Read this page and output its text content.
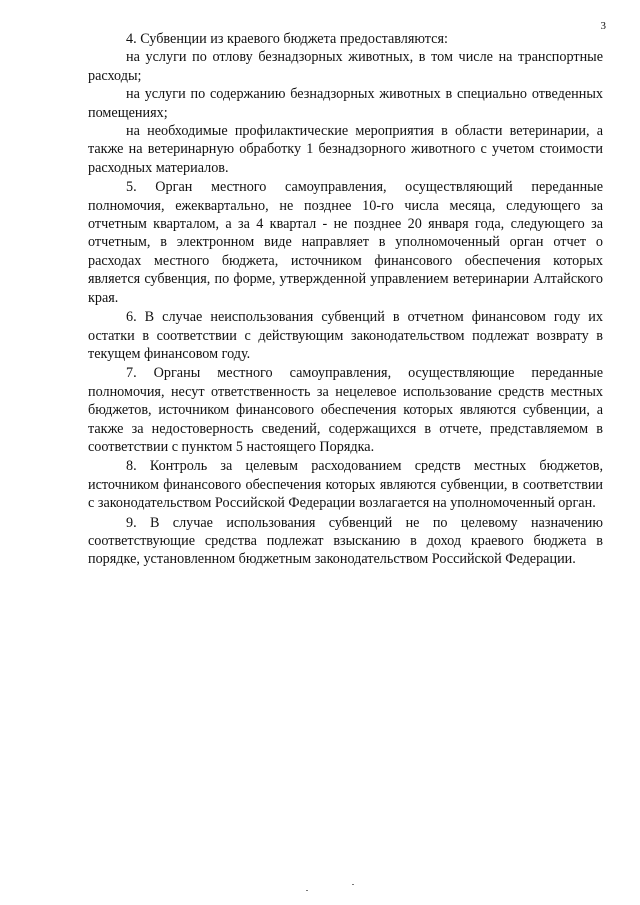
3

4. Субвенции из краевого бюджета предоставляются:

на услуги по отлову безнадзорных животных, в том числе на транспортные расходы;

на услуги по содержанию безнадзорных животных в специально отведенных помещениях;

на необходимые профилактические мероприятия в области ветеринарии, а также на ветеринарную обработку 1 безнадзорного животного с учетом стоимости расходных материалов.

5. Орган местного самоуправления, осуществляющий переданные полномочия, ежеквартально, не позднее 10-го числа месяца, следующего за отчетным кварталом, а за 4 квартал - не позднее 20 января года, следующего за отчетным, в электронном виде направляет в уполномоченный орган отчет о расходах местного бюджета, источником финансового обеспечения которых является субвенция, по форме, утвержденной управлением ветеринарии Алтайского края.

6. В случае неиспользования субвенций в отчетном финансовом году их остатки в соответствии с действующим законодательством подлежат возврату в текущем финансовом году.

7. Органы местного самоуправления, осуществляющие переданные полномочия, несут ответственность за нецелевое использование средств местных бюджетов, источником финансового обеспечения которых являются субвенции, а также за недостоверность сведений, содержащихся в отчете, представляемом в соответствии с пунктом 5 настоящего Порядка.

8. Контроль за целевым расходованием средств местных бюджетов, источником финансового обеспечения которых являются субвенции, в соответствии с законодательством Российской Федерации возлагается на уполномоченный орган.

9. В случае использования субвенций не по целевому назначению соответствующие средства подлежат взысканию в доход краевого бюджета в порядке, установленном бюджетным законодательством Российской Федерации.
